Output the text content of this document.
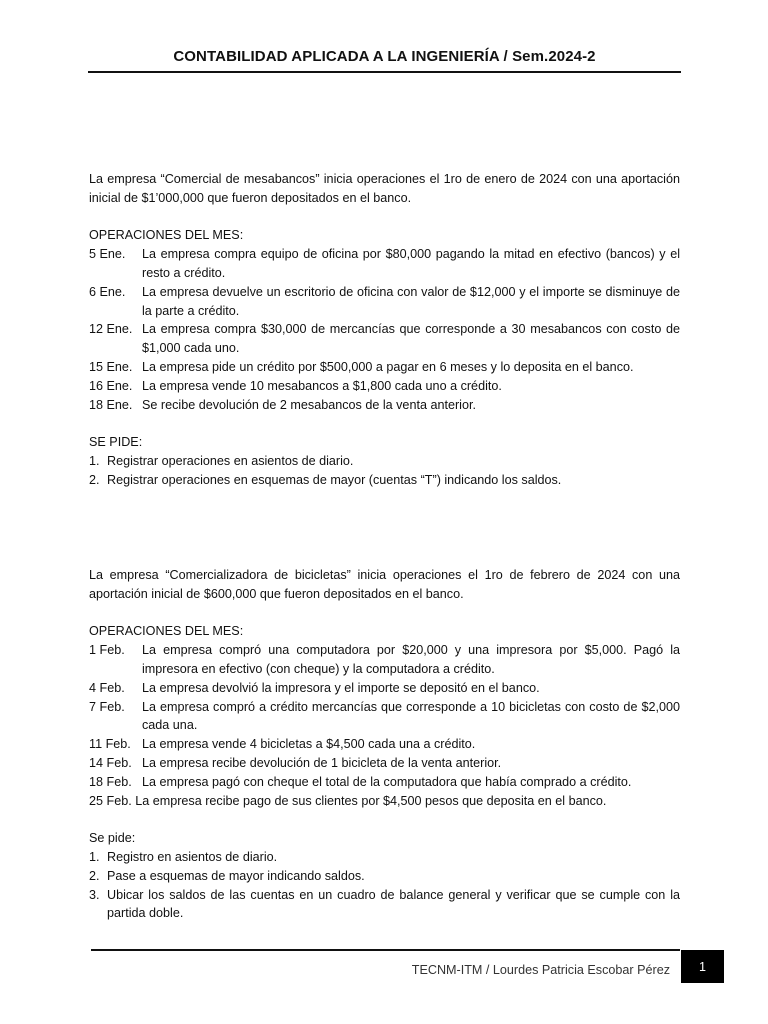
CONTABILIDAD APLICADA A LA INGENIERÍA / Sem.2024-2

La empresa “Comercial de mesabancos” inicia operaciones el 1ro de enero de 2024 con una aportación inicial de $1’000,000 que fueron depositados en el banco.

OPERACIONES DEL MES:

5 Ene. La empresa compra equipo de oficina por $80,000 pagando la mitad en efectivo (bancos) y el resto a crédito.
6 Ene. La empresa devuelve un escritorio de oficina con valor de $12,000 y el importe se disminuye de la parte a crédito.
12 Ene. La empresa compra $30,000 de mercancías que corresponde a 30 mesabancos con costo de $1,000 cada uno.
15 Ene. La empresa pide un crédito por $500,000 a pagar en 6 meses y lo deposita en el banco.
16 Ene. La empresa vende 10 mesabancos a $1,800 cada uno a crédito.
18 Ene. Se recibe devolución de 2 mesabancos de la venta anterior.

SE PIDE:

1. Registrar operaciones en asientos de diario.
2. Registrar operaciones en esquemas de mayor (cuentas “T”) indicando los saldos.

La empresa “Comercializadora de bicicletas” inicia operaciones el 1ro de febrero de 2024 con una aportación inicial de $600,000 que fueron depositados en el banco.

OPERACIONES DEL MES:

1 Feb. La empresa compró una computadora por $20,000 y una impresora por $5,000. Pagó la impresora en efectivo (con cheque) y la computadora a crédito.
4 Feb. La empresa devolvió la impresora y el importe se depositó en el banco.
7 Feb. La empresa compró a crédito mercancías que corresponde a 10 bicicletas con costo de $2,000 cada una.
11 Feb. La empresa vende 4 bicicletas a $4,500 cada una a crédito.
14 Feb. La empresa recibe devolución de 1 bicicleta de la venta anterior.
18 Feb. La empresa pagó con cheque el total de la computadora que había comprado a crédito.
25 Feb. La empresa recibe pago de sus clientes por $4,500 pesos que deposita en el banco.

Se pide:

1. Registro en asientos de diario.
2. Pase a esquemas de mayor indicando saldos.
3. Ubicar los saldos de las cuentas en un cuadro de balance general y verificar que se cumple con la partida doble.
TECNM-ITM / Lourdes Patricia Escobar Pérez	1
